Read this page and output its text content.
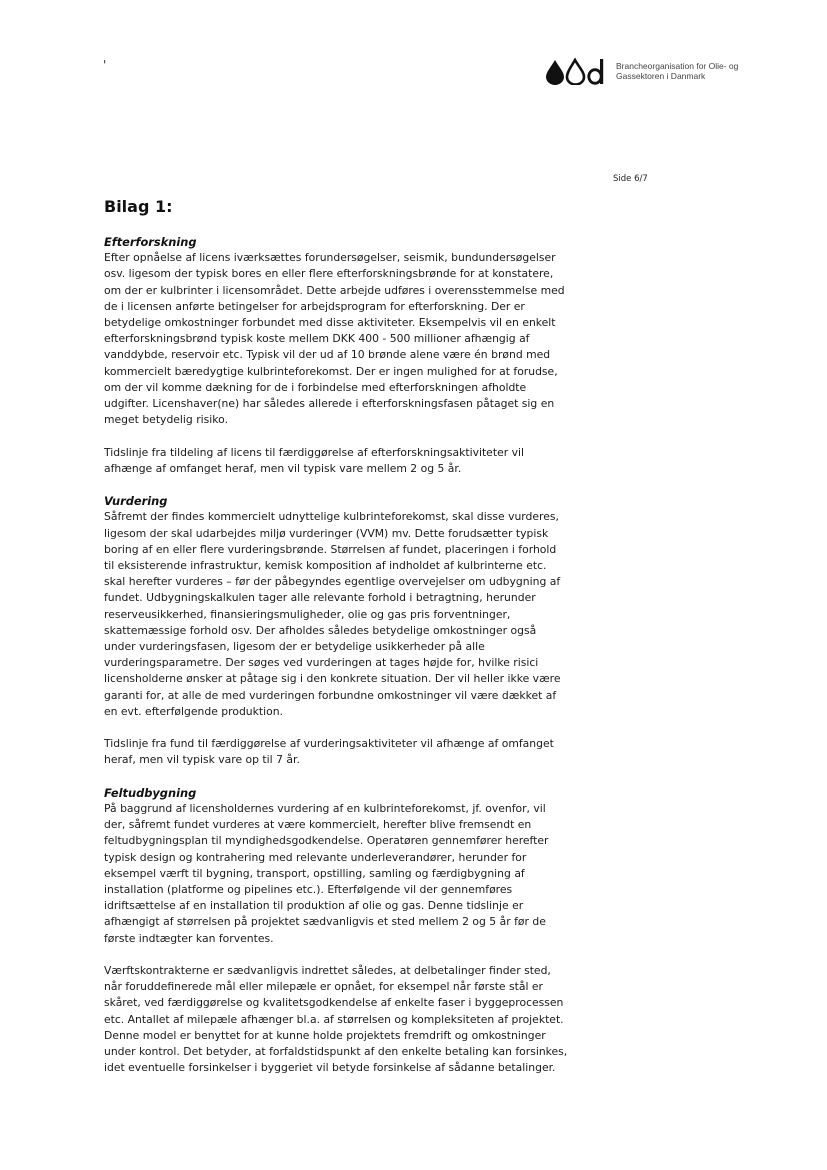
'	Brancheorganisation for Olie- og
Gassektoren i Danmark
Side 6/7
Bilag 1:

Efterforskning

Efter opnåelse af licens iværksættes forundersøgelser, seismik, bundundersøgelser
osv. ligesom der typisk bores en eller flere efterforskningsbrønde for at konstatere,
om der er kulbrinter i licensområdet. Dette arbejde udføres i overensstemmelse med
de i licensen anførte betingelser for arbejdsprogram for efterforskning. Der er
betydelige omkostninger forbundet med disse aktiviteter. Eksempelvis vil en enkelt
efterforskningsbrønd typisk koste mellem DKK 400 - 500 millioner afhængig af
vanddybde, reservoir etc. Typisk vil der ud af 10 brønde alene være én brønd med
kommercielt bæredygtige kulbrinteforekomst. Der er ingen mulighed for at forudse,
om der vil komme dækning for de i forbindelse med efterforskningen afholdte
udgifter. Licenshaver(ne) har således allerede i efterforskningsfasen påtaget sig en
meget betydelig risiko.

Tidslinje fra tildeling af licens til færdiggørelse af efterforskningsaktiviteter vil
afhænge af omfanget heraf, men vil typisk vare mellem 2 og 5 år.

Vurdering

Såfremt der findes kommercielt udnyttelige kulbrinteforekomst, skal disse vurderes,
ligesom der skal udarbejdes miljø vurderinger (VVM) mv. Dette forudsætter typisk
boring af en eller flere vurderingsbrønde. Størrelsen af fundet, placeringen i forhold
til eksisterende infrastruktur, kemisk komposition af indholdet af kulbrinterne etc.
skal herefter vurderes – før der påbegyndes egentlige overvejelser om udbygning af
fundet. Udbygningskalkulen tager alle relevante forhold i betragtning, herunder
reserveusikkerhed, finansieringsmuligheder, olie og gas pris forventninger,
skattemæssige forhold osv. Der afholdes således betydelige omkostninger også
under vurderingsfasen, ligesom der er betydelige usikkerheder på alle
vurderingsparametre. Der søges ved vurderingen at tages højde for, hvilke risici
licensholderne ønsker at påtage sig i den konkrete situation. Der vil heller ikke være
garanti for, at alle de med vurderingen forbundne omkostninger vil være dækket af
en evt. efterfølgende produktion.

Tidslinje fra fund til færdiggørelse af vurderingsaktiviteter vil afhænge af omfanget
heraf, men vil typisk vare op til 7 år.

Feltudbygning

På baggrund af licensholdernes vurdering af en kulbrinteforekomst, jf. ovenfor, vil
der, såfremt fundet vurderes at være kommercielt, herefter blive fremsendt en
feltudbygningsplan til myndighedsgodkendelse. Operatøren gennemfører herefter
typisk design og kontrahering med relevante underleverandører, herunder for
eksempel værft til bygning, transport, opstilling, samling og færdigbygning af
installation (platforme og pipelines etc.). Efterfølgende vil der gennemføres
idriftsættelse af en installation til produktion af olie og gas. Denne tidslinje er
afhængigt af størrelsen på projektet sædvanligvis et sted mellem 2 og 5 år før de
første indtægter kan forventes.

Værftskontrakterne er sædvanligvis indrettet således, at delbetalinger finder sted,
når foruddefinerede mål eller milepæle er opnået, for eksempel når første stål er
skåret, ved færdiggørelse og kvalitetsgodkendelse af enkelte faser i byggeprocessen
etc. Antallet af milepæle afhænger bl.a. af størrelsen og kompleksiteten af projektet.
Denne model er benyttet for at kunne holde projektets fremdrift og omkostninger
under kontrol. Det betyder, at forfaldstidspunkt af den enkelte betaling kan forsinkes,
idet eventuelle forsinkelser i byggeriet vil betyde forsinkelse af sådanne betalinger.
